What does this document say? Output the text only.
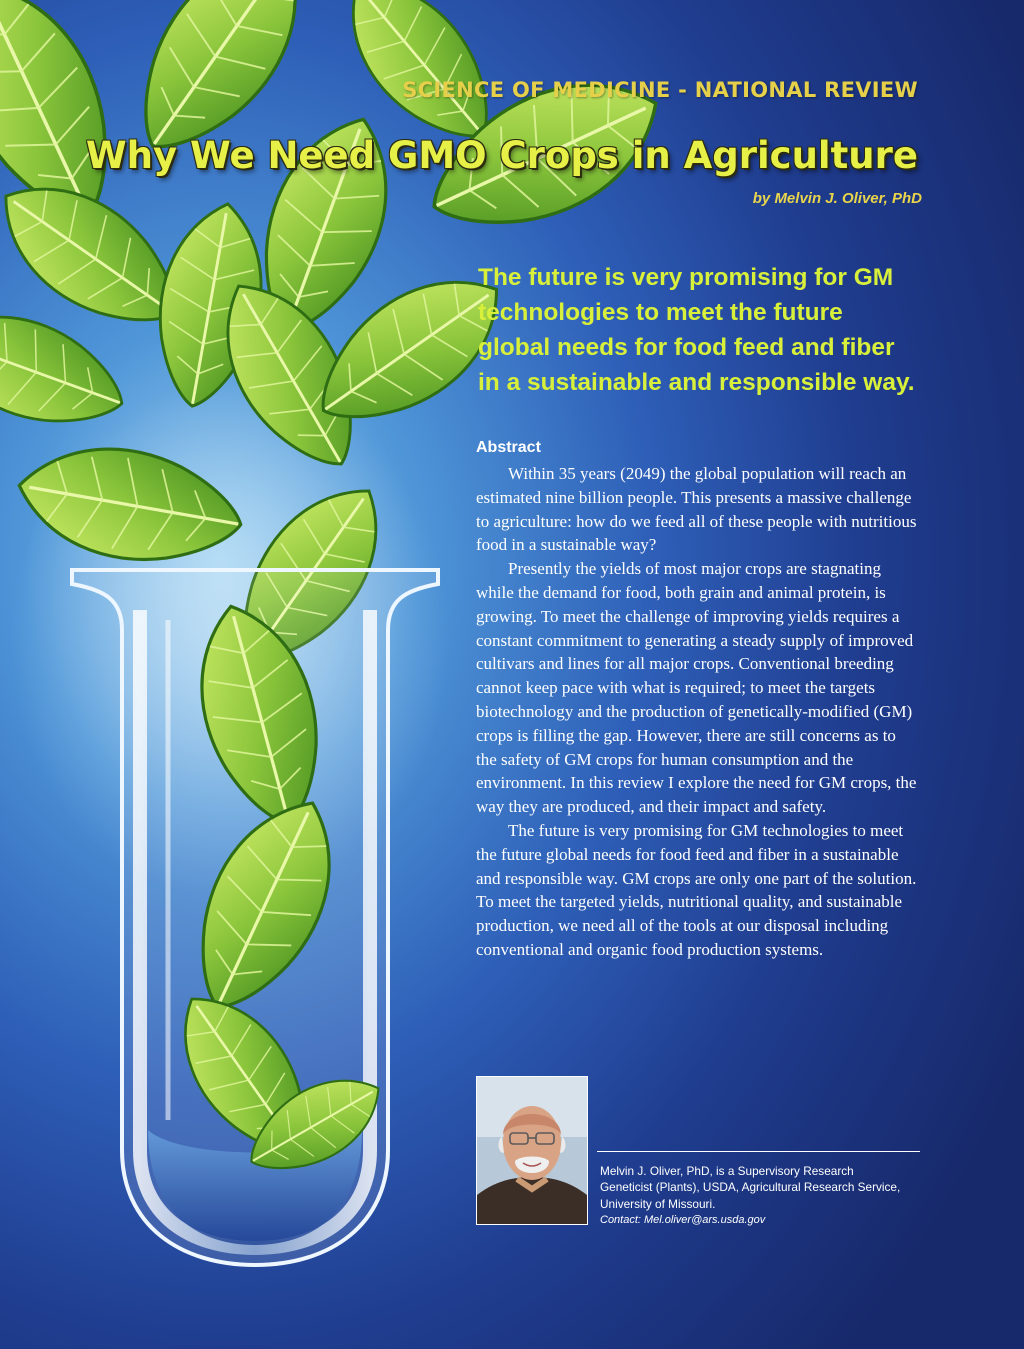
SCIENCE OF MEDICINE - NATIONAL REVIEW
Why We Need GMO Crops in Agriculture
by Melvin J. Oliver, PhD
The future is very promising for GM
technologies to meet the future
global needs for food feed and fiber
in a sustainable and responsible way.
Abstract

Within 35 years (2049) the global population will reach an estimated nine billion people. This presents a massive challenge to agriculture: how do we feed all of these people with nutritious food in a sustainable way?

Presently the yields of most major crops are stagnating while the demand for food, both grain and animal protein, is growing. To meet the challenge of improving yields requires a constant commitment to generating a steady supply of improved cultivars and lines for all major crops. Conventional breeding cannot keep pace with what is required; to meet the targets biotechnology and the production of genetically-modified (GM) crops is filling the gap. However, there are still concerns as to the safety of GM crops for human consumption and the environment. In this review I explore the need for GM crops, the way they are produced, and their impact and safety.

The future is very promising for GM technologies to meet the future global needs for food feed and fiber in a sustainable and responsible way. GM crops are only one part of the solution. To meet the targeted yields, nutritional quality, and sustainable production, we need all of the tools at our disposal including conventional and organic food production systems.

Melvin J. Oliver, PhD, is a Supervisory Research
Geneticist (Plants), USDA, Agricultural Research Service,
University of Missouri.
Contact: Mel.oliver@ars.usda.gov
